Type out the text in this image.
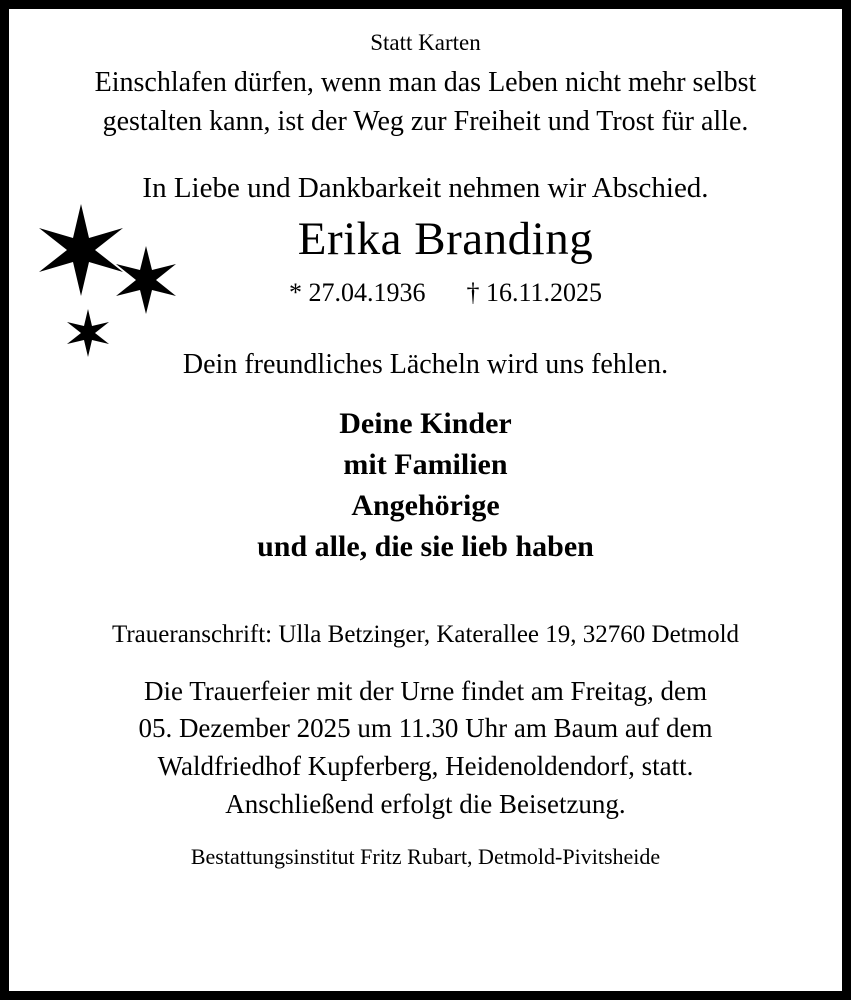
Statt Karten
Einschlafen dürfen, wenn man das Leben nicht mehr selbst
gestalten kann, ist der Weg zur Freiheit und Trost für alle.
In Liebe und Dankbarkeit nehmen wir Abschied.
Erika Branding
* 27.04.1936 † 16.11.2025
Dein freundliches Lächeln wird uns fehlen.
Deine Kinder
mit Familien
Angehörige
und alle, die sie lieb haben
Traueranschrift: Ulla Betzinger, Katerallee 19, 32760 Detmold
Die Trauerfeier mit der Urne findet am Freitag, dem
05. Dezember 2025 um 11.30 Uhr am Baum auf dem
Waldfriedhof Kupferberg, Heidenoldendorf, statt.
Anschließend erfolgt die Beisetzung.
Bestattungsinstitut Fritz Rubart, Detmold-Pivitsheide
